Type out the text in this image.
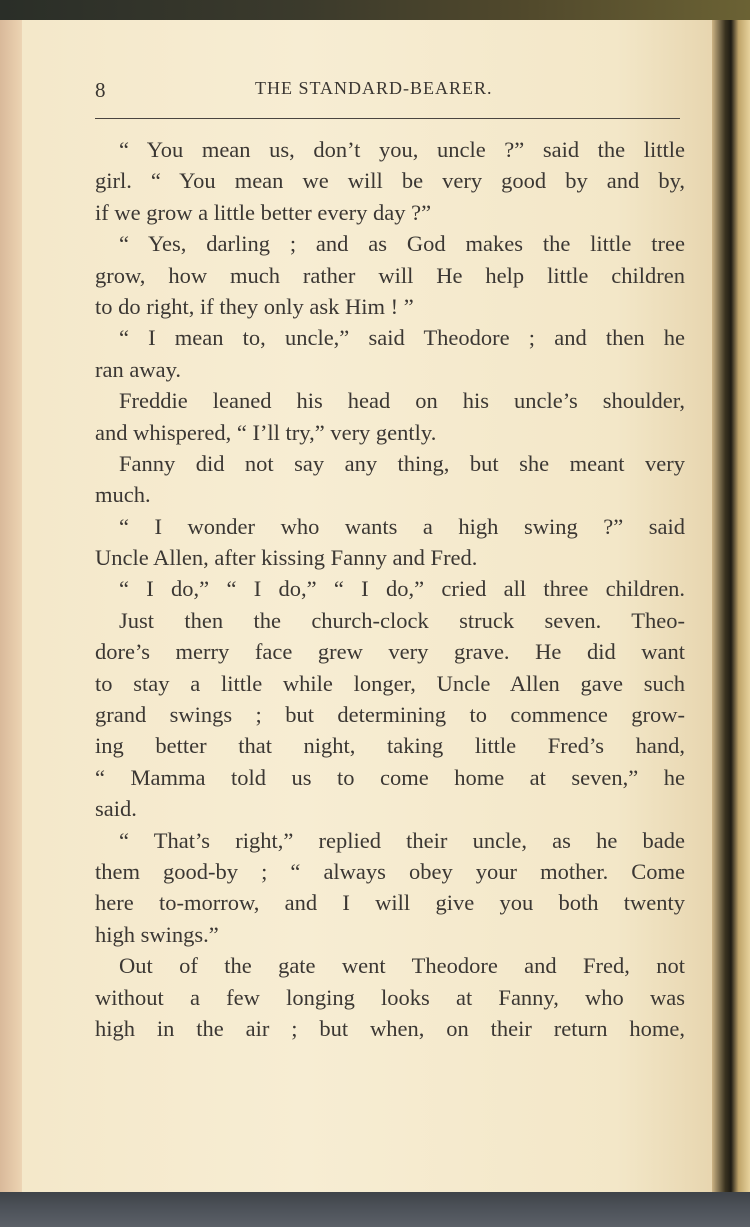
8	THE STANDARD-BEARER.
“ You mean us, don’t you, uncle ?” said the little
girl. “ You mean we will be very good by and by,
if we grow a little better every day ?”
“ Yes, darling ; and as God makes the little tree
grow, how much rather will He help little children
to do right, if they only ask Him ! ”
“ I mean to, uncle,” said Theodore ; and then he
ran away.
Freddie leaned his head on his uncle’s shoulder,
and whispered, “ I’ll try,” very gently.
Fanny did not say any thing, but she meant very
much.
“ I wonder who wants a high swing ?” said
Uncle Allen, after kissing Fanny and Fred.
“ I do,” “ I do,” “ I do,” cried all three children.
Just then the church-clock struck seven. Theo-
dore’s merry face grew very grave. He did want
to stay a little while longer, Uncle Allen gave such
grand swings ; but determining to commence grow-
ing better that night, taking little Fred’s hand,
“ Mamma told us to come home at seven,” he
said.
“ That’s right,” replied their uncle, as he bade
them good-by ; “ always obey your mother. Come
here to-morrow, and I will give you both twenty
high swings.”
Out of the gate went Theodore and Fred, not
without a few longing looks at Fanny, who was
high in the air ; but when, on their return home,
